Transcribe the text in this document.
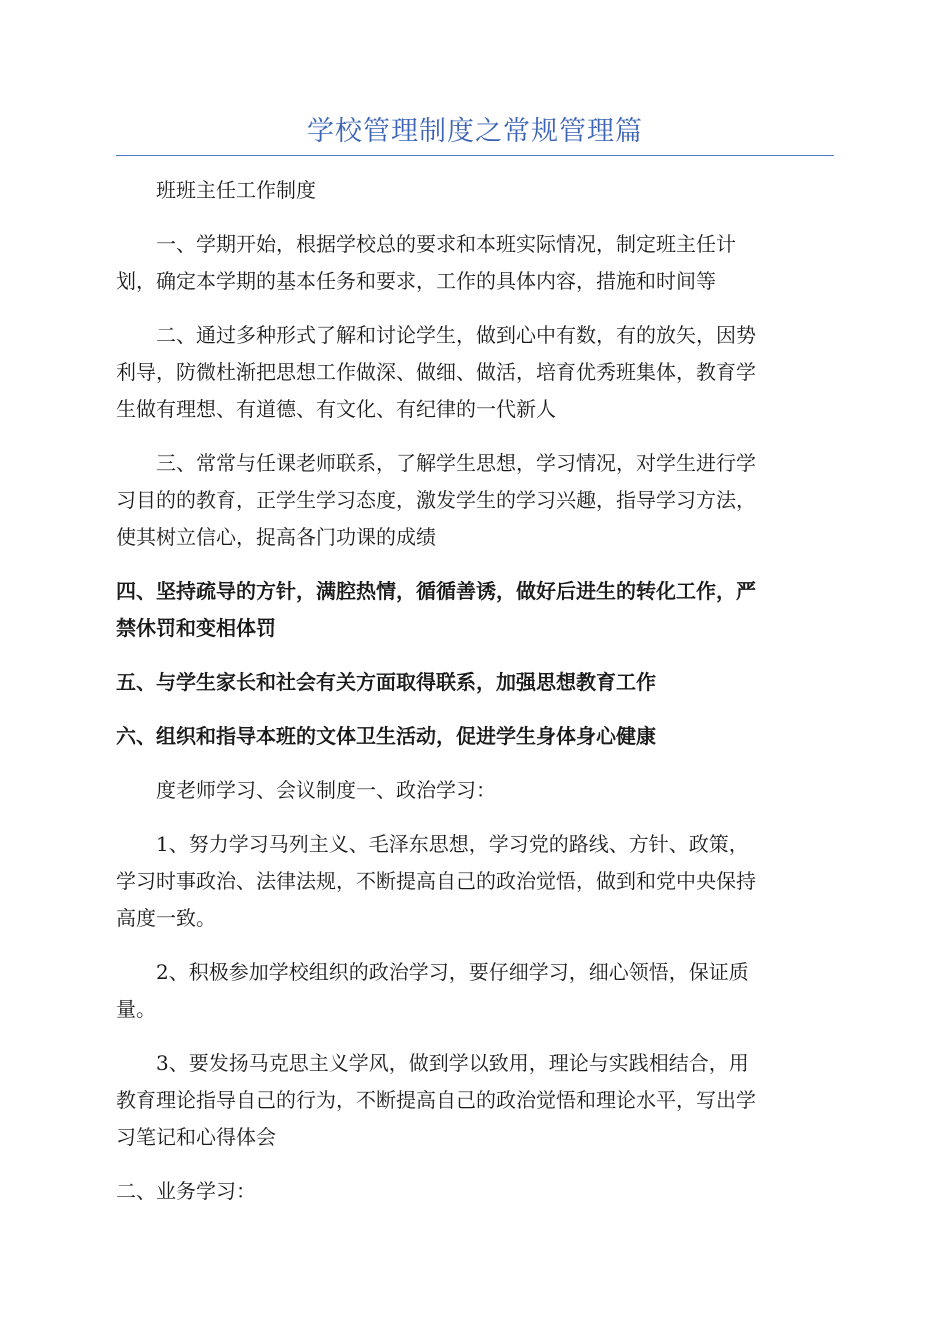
学校管理制度之常规管理篇

班班主任工作制度

一、学期开始，根据学校总的要求和本班实际情况，制定班主任计
划，确定本学期的基本任务和要求，工作的具体内容，措施和时间等

二、通过多种形式了解和讨论学生，做到心中有数，有的放矢，因势
利导，防微杜渐把思想工作做深、做细、做活，培育优秀班集体，教育学
生做有理想、有道德、有文化、有纪律的一代新人

三、常常与任课老师联系，了解学生思想，学习情况，对学生进行学
习目的的教育，正学生学习态度，激发学生的学习兴趣，指导学习方法，
使其树立信心，捉高各门功课的成绩

四、坚持疏导的方针，满腔热情，循循善诱，做好后进生的转化工作，严
禁休罚和变相体罚

五、与学生家长和社会有关方面取得联系，加强思想教育工作

六、组织和指导本班的文体卫生活动，促进学生身体身心健康

度老师学习、会议制度一、政治学习：

1、努力学习马列主义、毛泽东思想，学习党的路线、方针、政策，
学习时事政治、法律法规，不断提高自己的政治觉悟，做到和党中央保持
高度一致。

2、积极参加学校组织的政治学习，要仔细学习，细心领悟，保证质
量。

3、要发扬马克思主义学风，做到学以致用，理论与实践相结合，用
教育理论指导自己的行为，不断提高自己的政治觉悟和理论水平，写出学
习笔记和心得体会

二、业务学习：
